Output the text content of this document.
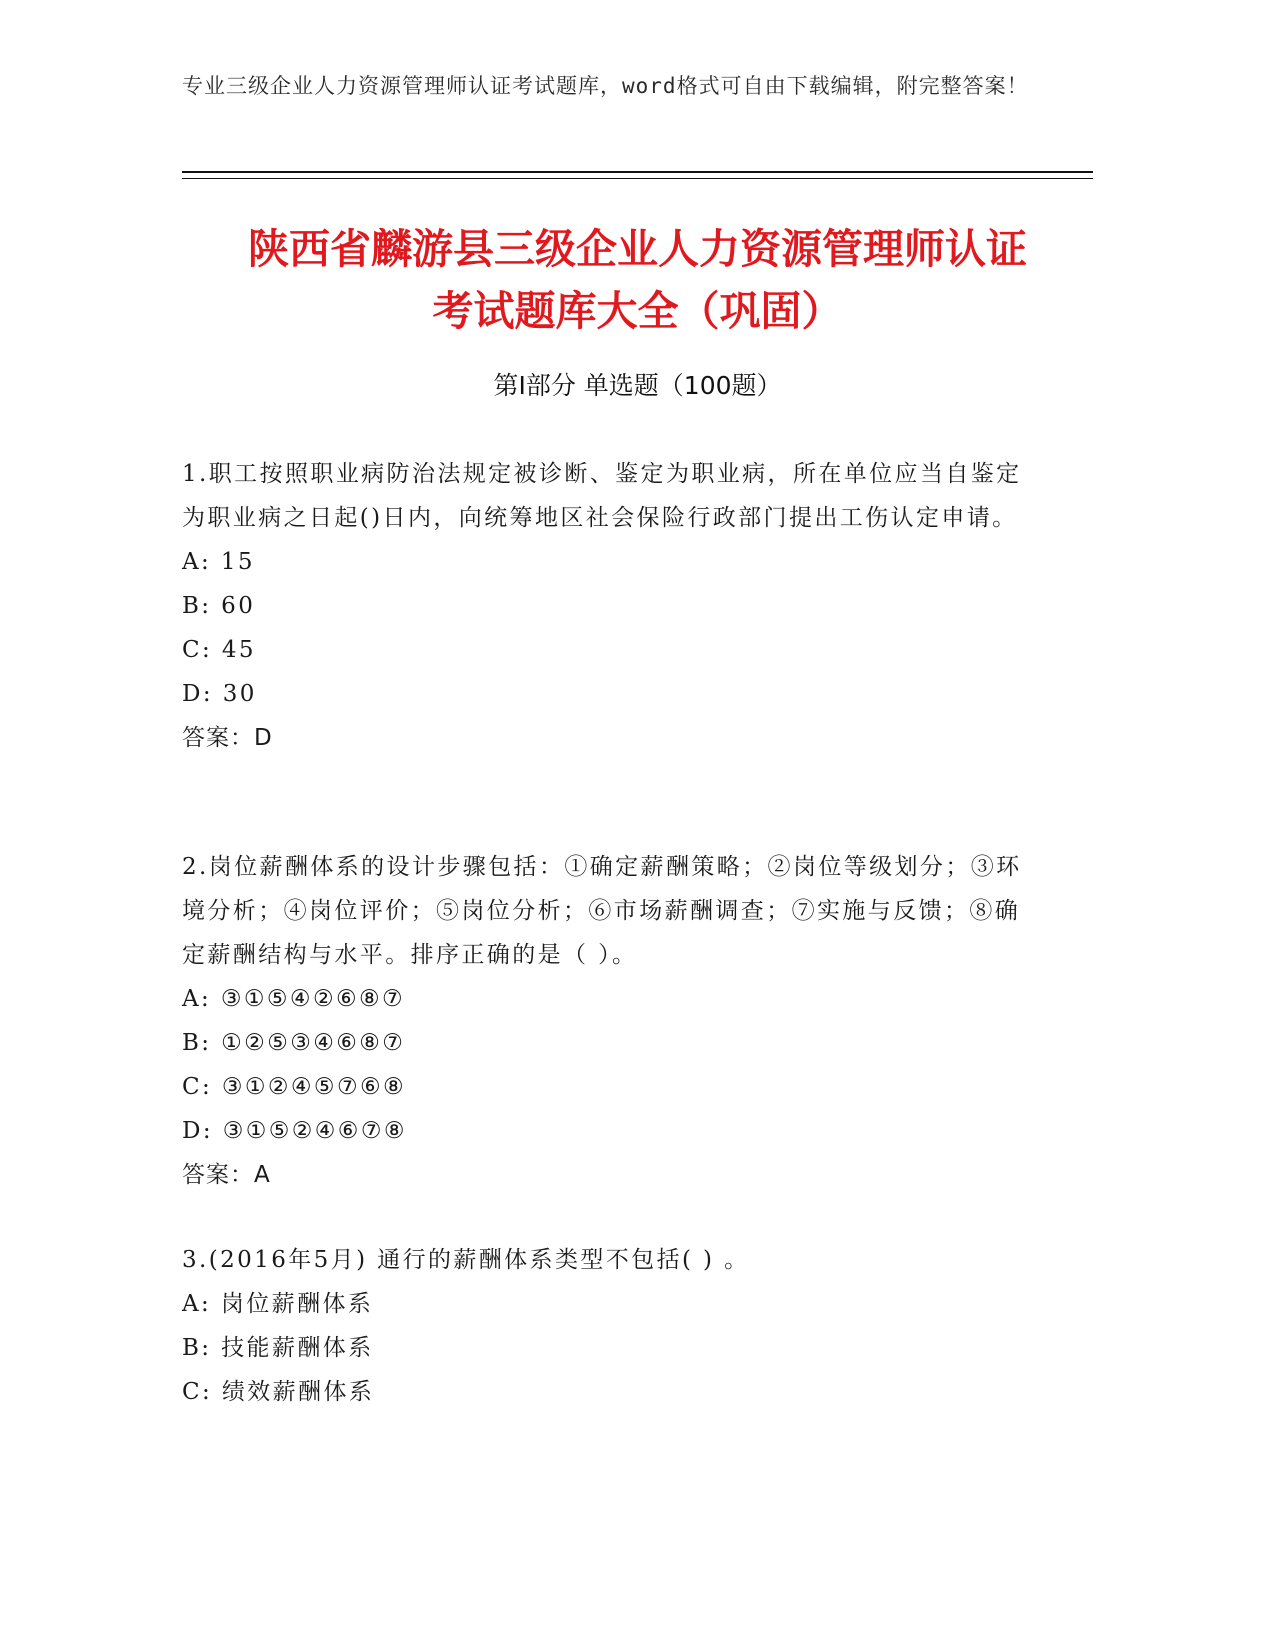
专业三级企业人力资源管理师认证考试题库，word格式可自由下载编辑，附完整答案！
陕西省麟游县三级企业人力资源管理师认证
考试题库大全（巩固）
第Ⅰ部分 单选题（100题）
1.职工按照职业病防治法规定被诊断、鉴定为职业病，所在单位应当自鉴定为职业病之日起()日内，向统筹地区社会保险行政部门提出工伤认定申请。
A: 15
B: 60
C: 45
D: 30
答案：D
2.岗位薪酬体系的设计步骤包括：①确定薪酬策略；②岗位等级划分；③环境分析；④岗位评价；⑤岗位分析；⑥市场薪酬调查；⑦实施与反馈；⑧确定薪酬结构与水平。排序正确的是（ ）。
A: ③①⑤④②⑥⑧⑦
B: ①②⑤③④⑥⑧⑦
C: ③①②④⑤⑦⑥⑧
D: ③①⑤②④⑥⑦⑧
答案：A
3.(2016年5月) 通行的薪酬体系类型不包括( ) 。
A: 岗位薪酬体系
B: 技能薪酬体系
C: 绩效薪酬体系
